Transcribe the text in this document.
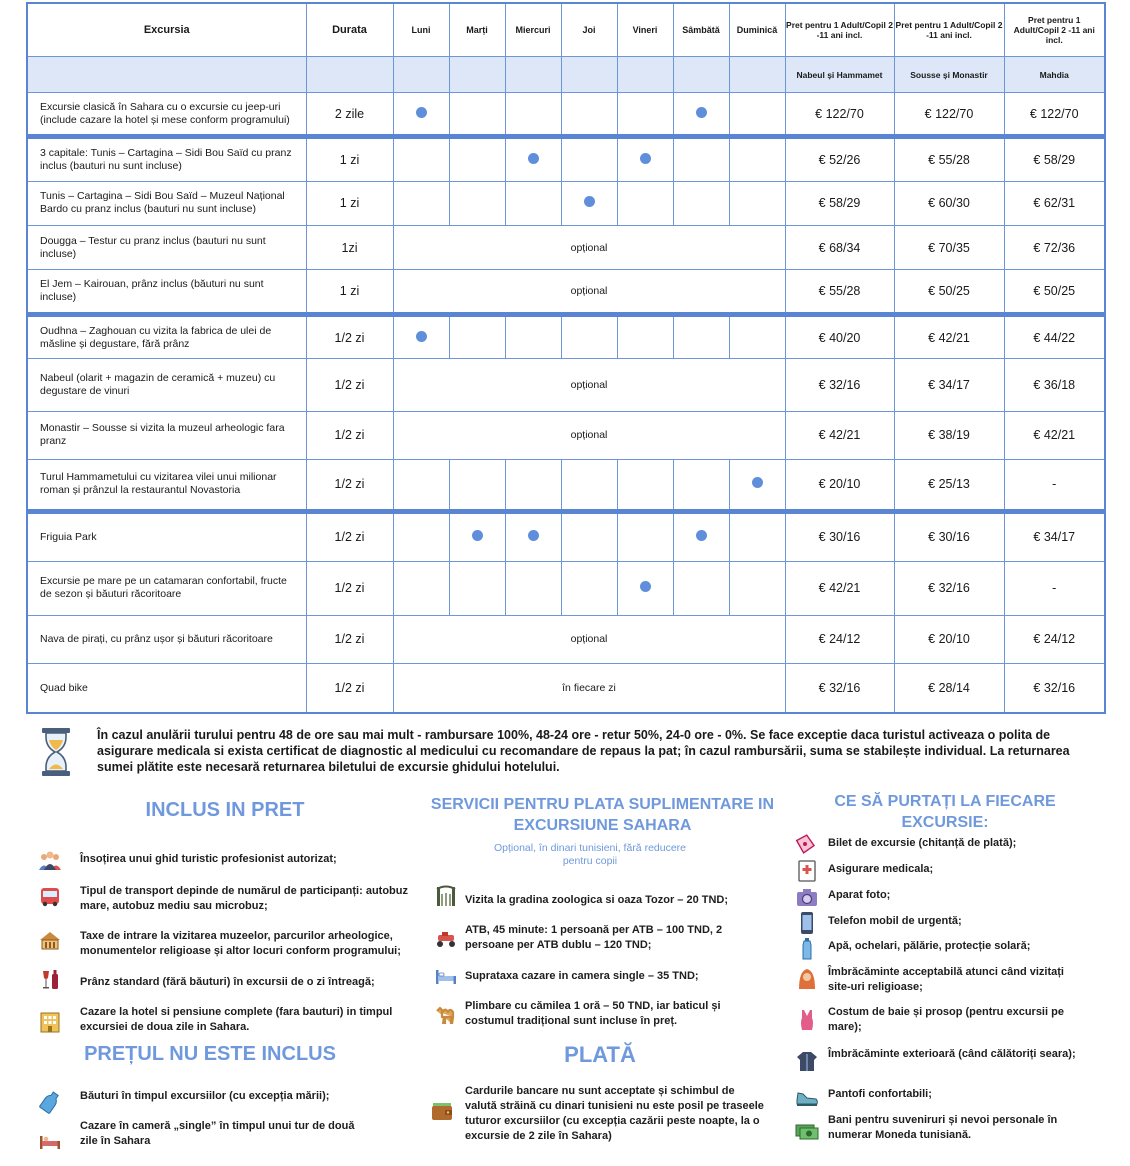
Excursia	Durata	Luni	Marți	Miercuri	Joi	Vineri	Sâmbătă	Duminică	Pret pentru 1 Adult/Copil 2 -11 ani incl.	Pret pentru 1 Adult/Copil 2 -11 ani incl.	Pret pentru 1 Adult/Copil 2 -11 ani incl.
									Nabeul și Hammamet	Sousse și Monastir	Mahdia
Excursie clasică în Sahara cu o excursie cu jeep-uri (include cazare la hotel și mese conform programului)	2 zile								€ 122/70	€ 122/70	€ 122/70
3 capitale: Tunis – Cartagina – Sidi Bou Saïd cu pranz inclus (bauturi nu sunt incluse)	1 zi								€ 52/26	€ 55/28	€ 58/29
Tunis – Cartagina – Sidi Bou Saïd – Muzeul Național Bardo cu pranz inclus (bauturi nu sunt incluse)	1 zi								€ 58/29	€ 60/30	€ 62/31
Dougga – Testur cu pranz inclus (bauturi nu sunt incluse)	1zi	opțional							€ 68/34	€ 70/35	€ 72/36
El Jem – Kairouan, prânz inclus (băuturi nu sunt incluse)	1 zi	opțional							€ 55/28	€ 50/25	€ 50/25
Oudhna – Zaghouan cu vizita la fabrica de ulei de măsline și degustare, fără prânz	1/2 zi								€ 40/20	€ 42/21	€ 44/22
Nabeul (olarit + magazin de ceramică + muzeu) cu degustare de vinuri	1/2 zi	opțional							€ 32/16	€ 34/17	€ 36/18
Monastir – Sousse si vizita la muzeul arheologic fara pranz	1/2 zi	opțional							€ 42/21	€ 38/19	€ 42/21
Turul Hammametului cu vizitarea vilei unui milionar roman și prânzul la restaurantul Novastoria	1/2 zi								€ 20/10	€ 25/13	-
Friguia Park	1/2 zi								€ 30/16	€ 30/16	€ 34/17
Excursie pe mare pe un catamaran confortabil, fructe de sezon și băuturi răcoritoare	1/2 zi								€ 42/21	€ 32/16	-
Nava de pirați, cu prânz ușor și băuturi răcoritoare	1/2 zi	opțional							€ 24/12	€ 20/10	€ 24/12
Quad bike	1/2 zi	în fiecare zi							€ 32/16	€ 28/14	€ 32/16

În cazul anulării turului pentru 48 de ore sau mai mult - rambursare 100%, 48-24 ore - retur 50%, 24-0 ore - 0%. Se face exceptie daca turistul activeaza o polita de asigurare medicala si exista certificat de diagnostic al medicului cu recomandare de repaus la pat; în cazul rambursării, suma se stabilește individual. La returnarea sumei plătite este necesară returnarea biletului de excursie ghidului hotelului.

INCLUS IN PRET
Însoțirea unui ghid turistic profesionist autorizat;
Tipul de transport depinde de numărul de participanți: autobuz mare, autobuz mediu sau microbuz;
Taxe de intrare la vizitarea muzeelor, parcurilor arheologice, monumentelor religioase și altor locuri conform programului;
Prânz standard (fără băuturi) în excursii de o zi întreagă;
Cazare la hotel si pensiune complete (fara bauturi) in timpul excursiei de doua zile in Sahara.
PREȚUL NU ESTE INCLUS
Băuturi în timpul excursiilor (cu excepția mării);
Cazare în cameră „single” în timpul unui tur de două zile în Sahara
SERVICII PENTRU PLATA SUPLIMENTARE IN EXCURSIUNE SAHARA
Opțional, în dinari tunisieni, fără reducere pentru copii
Vizita la gradina zoologica si oaza Tozor – 20 TND;
ATB, 45 minute: 1 persoană per ATB – 100 TND, 2 persoane per ATB dublu – 120 TND;
Suprataxa cazare in camera single – 35 TND;
Plimbare cu cămilea 1 oră – 50 TND, iar baticul și costumul tradițional sunt incluse în preț.
PLATĂ
Cardurile bancare nu sunt acceptate și schimbul de valută străină cu dinari tunisieni nu este posil pe traseele tuturor excursiilor (cu excepția cazării peste noapte, la o excursie de 2 zile în Sahara)
CE SĂ PURTAȚI LA FIECARE EXCURSIE:
Bilet de excursie (chitanță de plată);
Asigurare medicala;
Aparat foto;
Telefon mobil de urgentă;
Apă, ochelari, pălărie, protecție solară;
Îmbrăcăminte acceptabilă atunci când vizitați site-uri religioase;
Costum de baie și prosop (pentru excursii pe mare);
Îmbrăcăminte exterioară (când călătoriți seara);
Pantofi confortabili;
Bani pentru suveniruri și nevoi personale în numerar Moneda tunisiană.
